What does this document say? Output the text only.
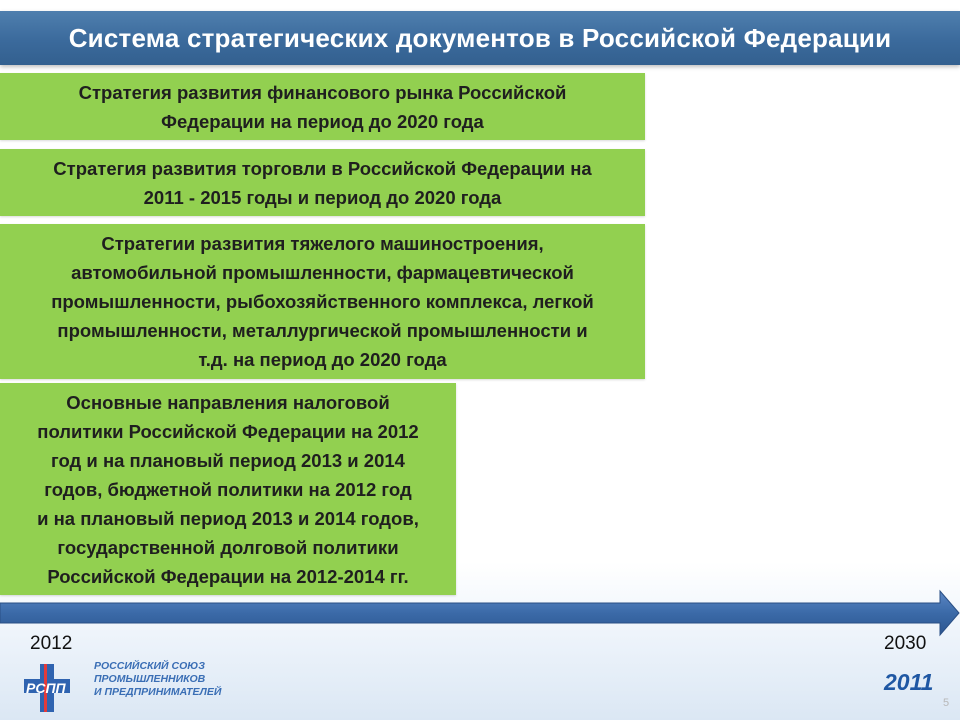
Система стратегических документов в Российской Федерации
Стратегия развития финансового рынка Российской
Федерации на период до 2020 года
Стратегия развития торговли в Российской Федерации на
2011 - 2015 годы и период до 2020 года
Стратегии развития тяжелого машиностроения,
автомобильной промышленности, фармацевтической
промышленности, рыбохозяйственного комплекса, легкой
промышленности, металлургической промышленности и
т.д. на период до 2020 года
Основные направления налоговой
политики Российской Федерации на 2012
год и на плановый период 2013 и 2014
годов, бюджетной политики на 2012 год
и на плановый период 2013 и 2014 годов,
государственной долговой политики
Российской Федерации на 2012-2014 гг.
2012	2030
РСПП
РОССИЙСКИЙ СОЮЗ
ПРОМЫШЛЕННИКОВ
И ПРЕДПРИНИМАТЕЛЕЙ	2011
5
